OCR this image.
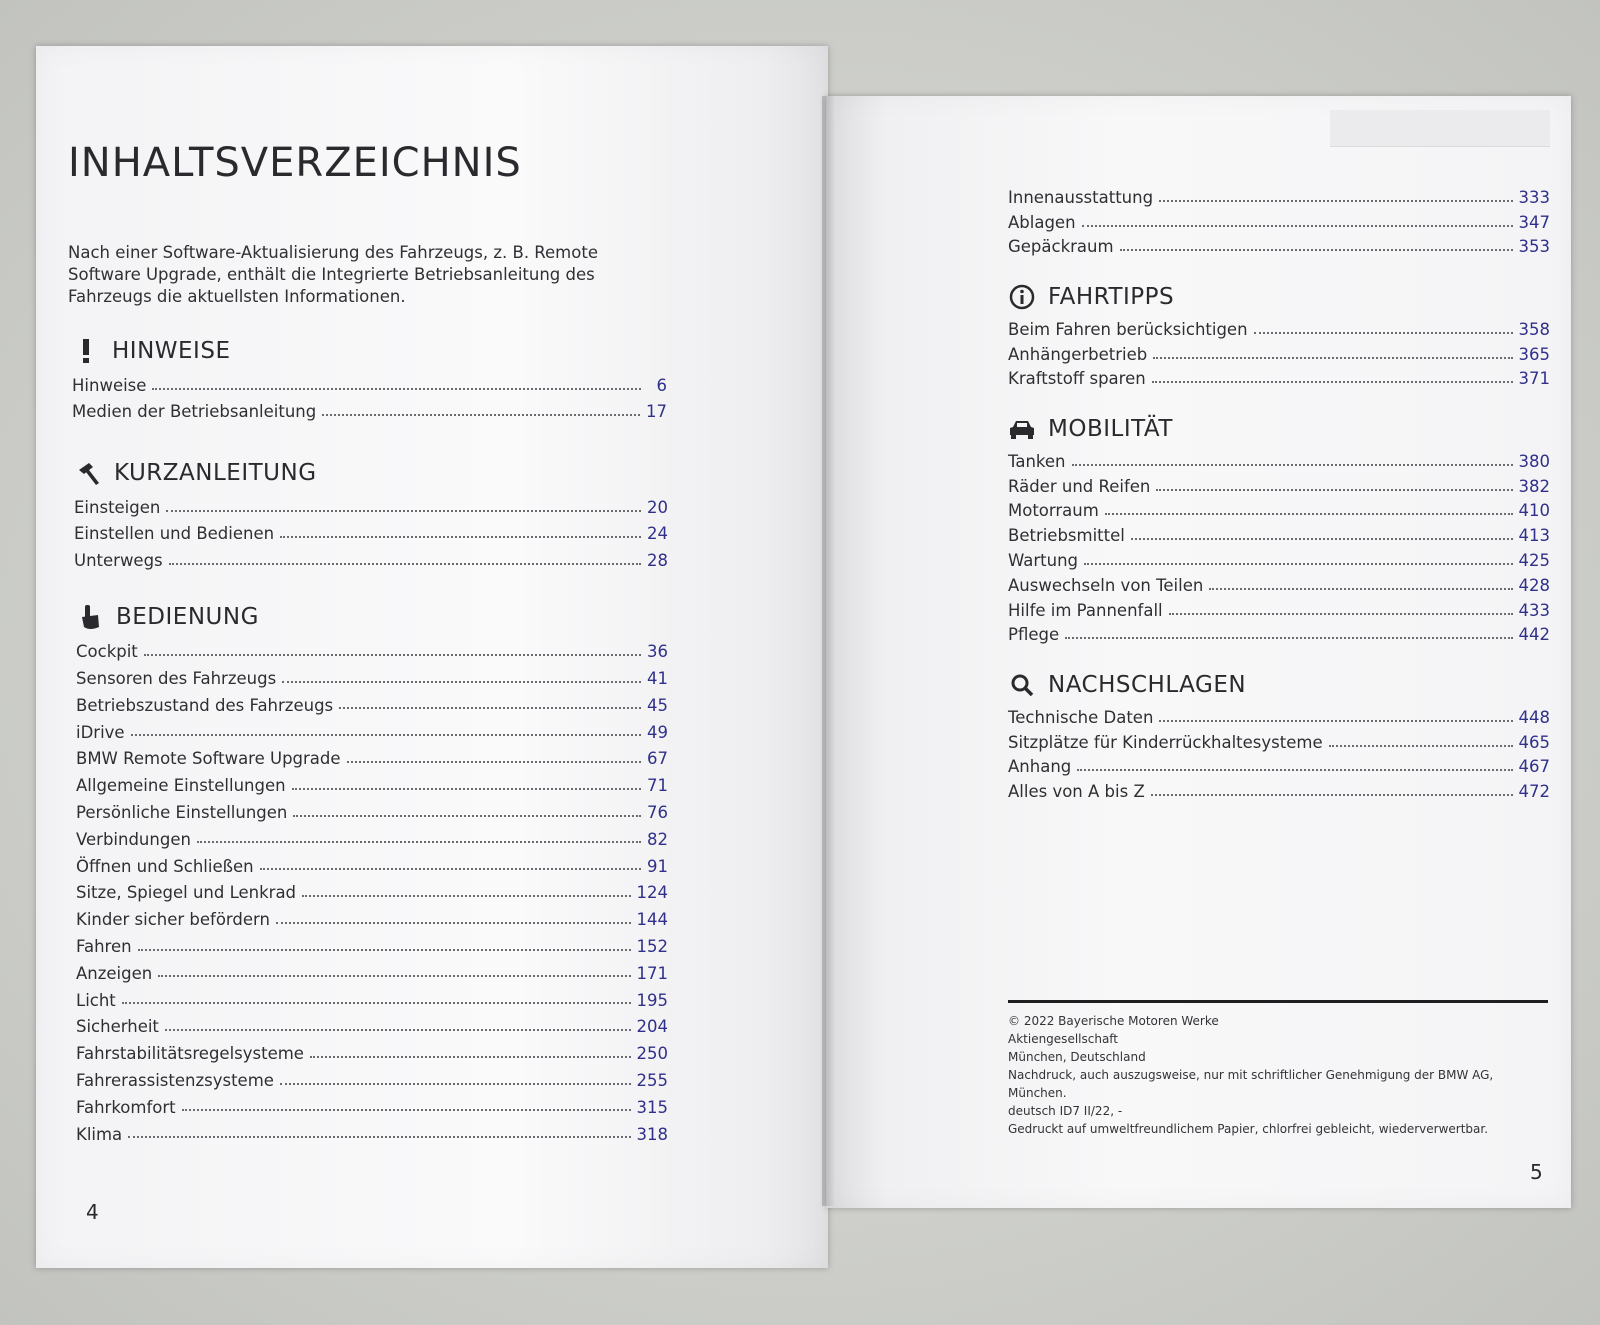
INHALTSVERZEICHNIS

Nach einer Software-Aktualisierung des Fahrzeugs, z. B. Remote Software Upgrade, enthält die Integrierte Betriebsanleitung des Fahrzeugs die aktuellsten Informationen.

HINWEISE
Hinweise	6
Medien der Betriebsanleitung	17
KURZANLEITUNG
Einsteigen	20
Einstellen und Bedienen	24
Unterwegs	28
BEDIENUNG
Cockpit	36
Sensoren des Fahrzeugs	41
Betriebszustand des Fahrzeugs	45
iDrive	49
BMW Remote Software Upgrade	67
Allgemeine Einstellungen	71
Persönliche Einstellungen	76
Verbindungen	82
Öffnen und Schließen	91
Sitze, Spiegel und Lenkrad	124
Kinder sicher befördern	144
Fahren	152
Anzeigen	171
Licht	195
Sicherheit	204
Fahrstabilitätsregelsysteme	250
Fahrerassistenzsysteme	255
Fahrkomfort	315
Klima	318
4
Innenausstattung	333
Ablagen	347
Gepäckraum	353
FAHRTIPPS
Beim Fahren berücksichtigen	358
Anhängerbetrieb	365
Kraftstoff sparen	371
MOBILITÄT
Tanken	380
Räder und Reifen	382
Motorraum	410
Betriebsmittel	413
Wartung	425
Auswechseln von Teilen	428
Hilfe im Pannenfall	433
Pflege	442
NACHSCHLAGEN
Technische Daten	448
Sitzplätze für Kinderrückhaltesysteme	465
Anhang	467
Alles von A bis Z	472
© 2022 Bayerische Motoren Werke
Aktiengesellschaft
München, Deutschland
Nachdruck, auch auszugsweise, nur mit schriftlicher Genehmigung der BMW AG,
München.
deutsch ID7 II/22, -
Gedruckt auf umweltfreundlichem Papier, chlorfrei gebleicht, wiederverwertbar.
5
